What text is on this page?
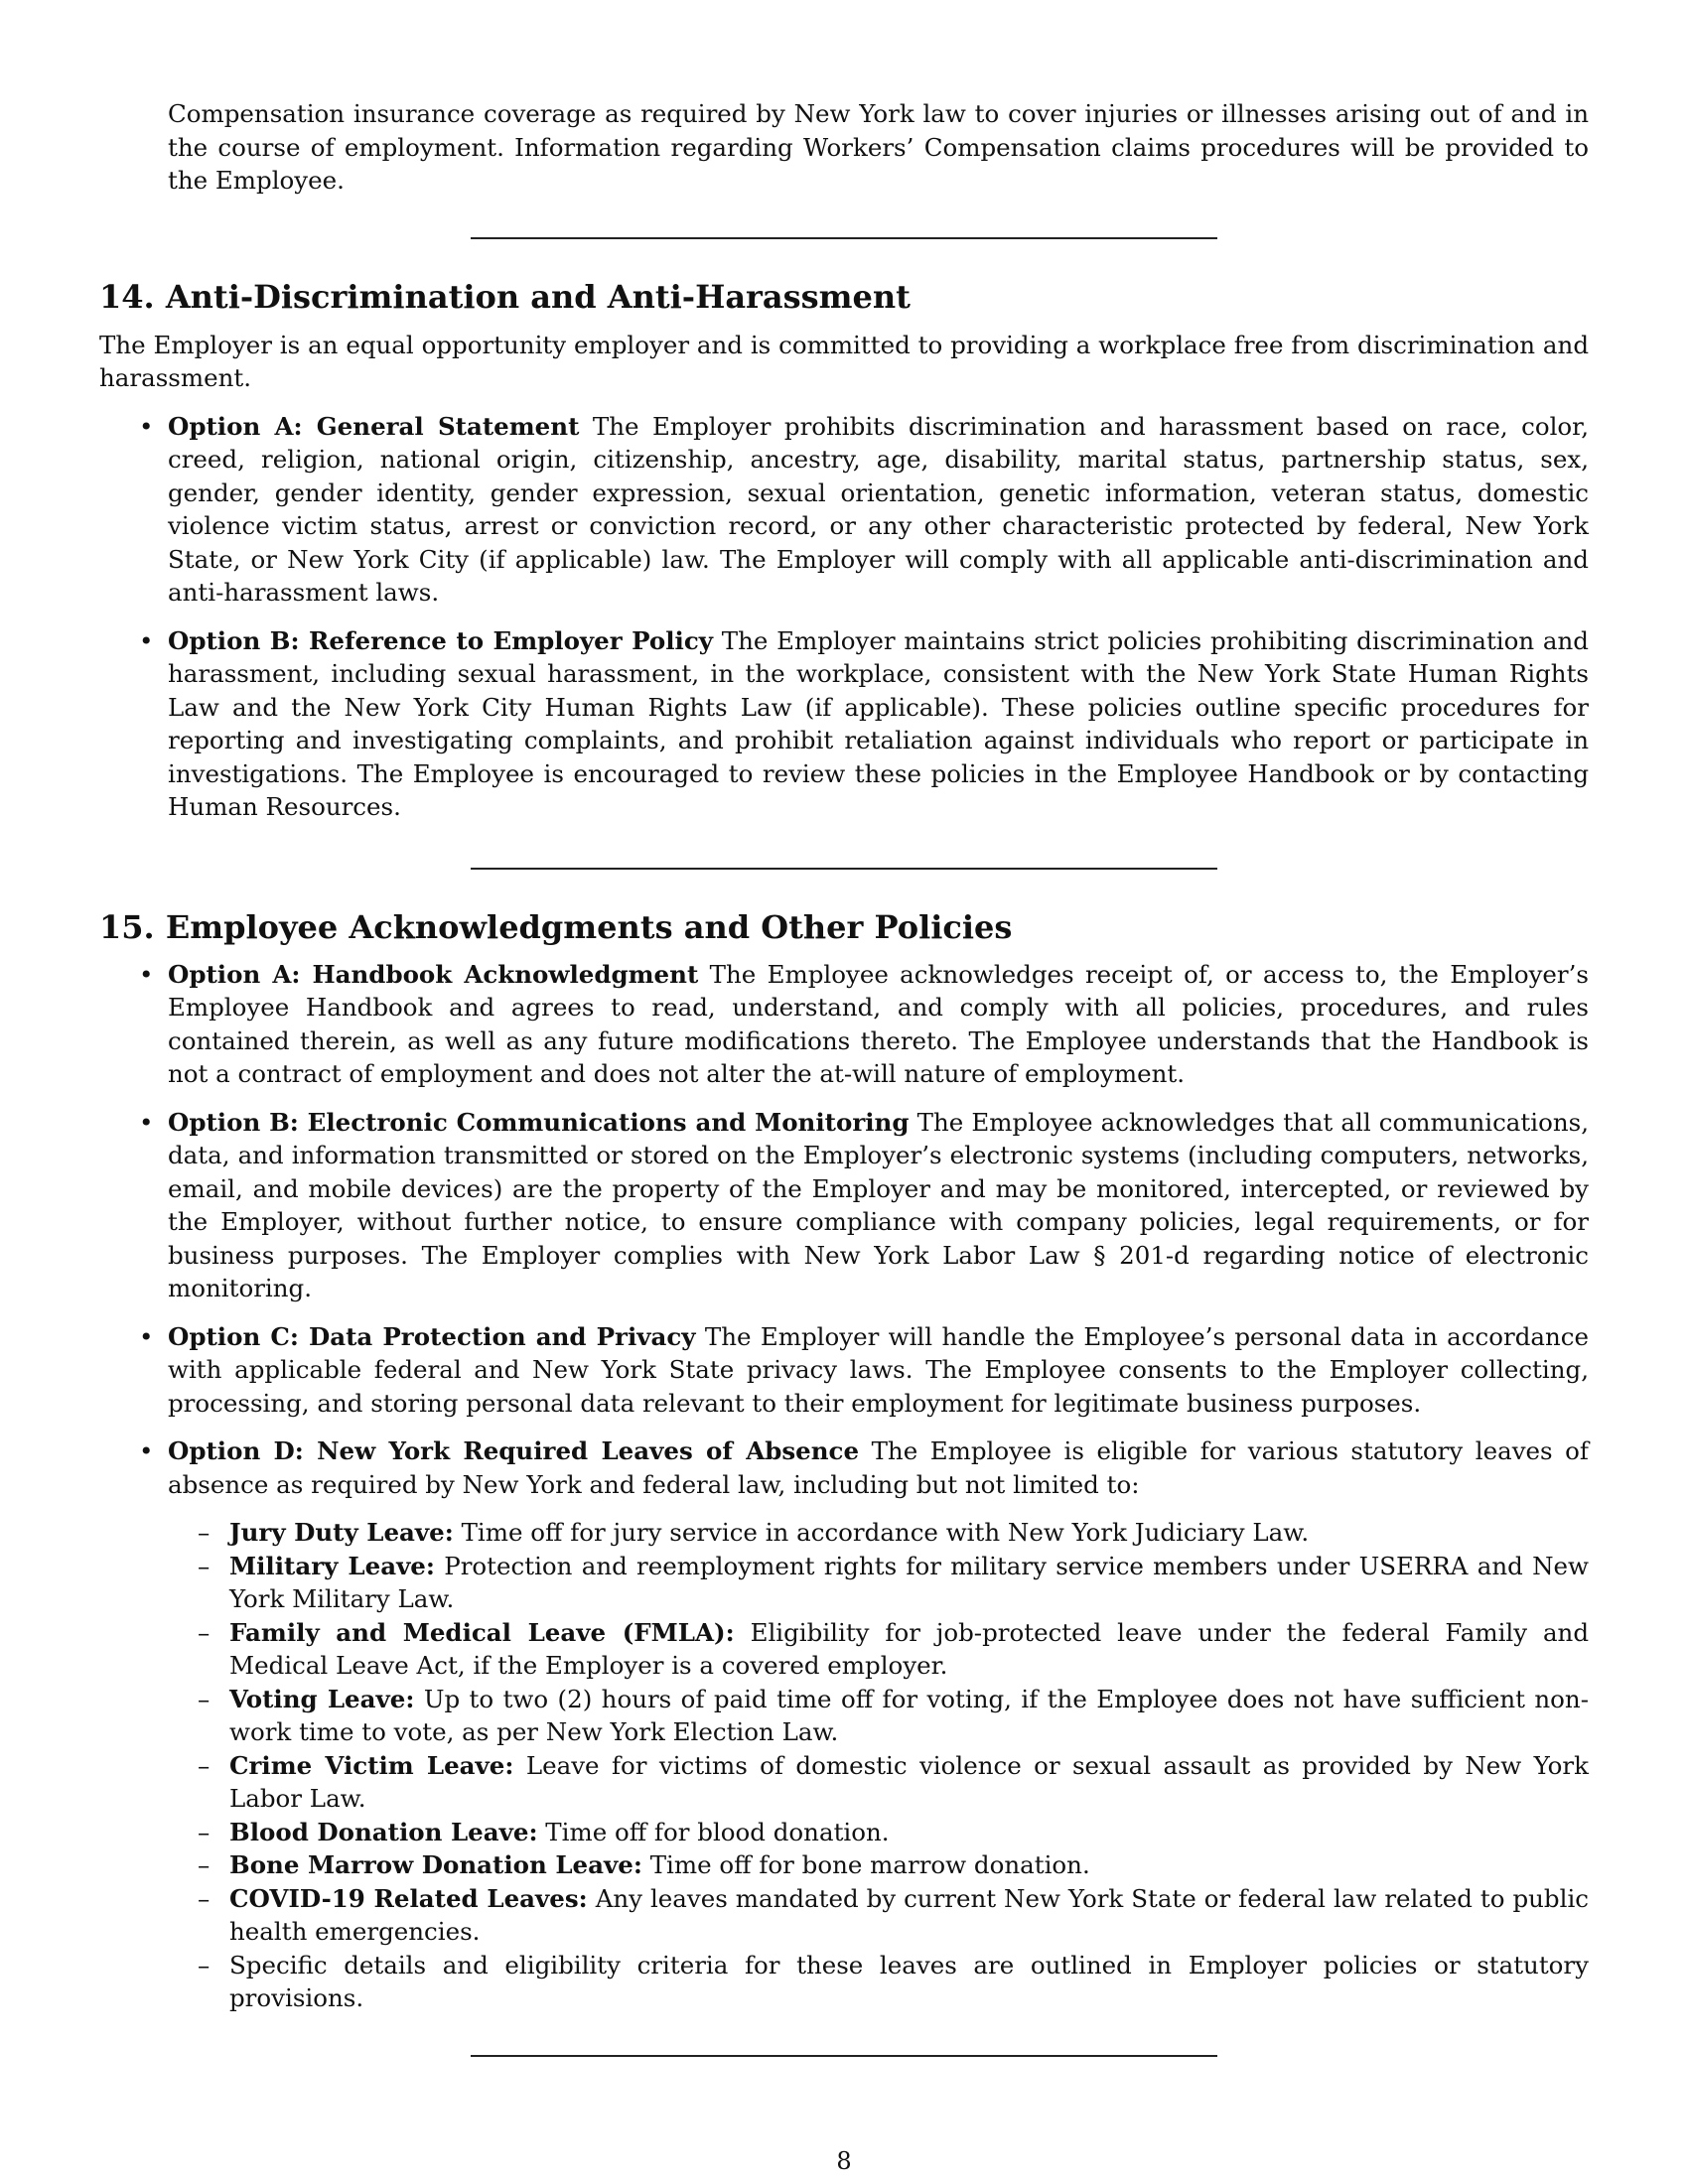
Compensation insurance coverage as required by New York law to cover injuries or illnesses arising out of and in the course of employment. Information regarding Workers’ Compensation claims procedures will be provided to the Employee.

14. Anti-Discrimination and Anti-Harassment

The Employer is an equal opportunity employer and is committed to providing a workplace free from discrimination and harassment.

• Option A: General Statement The Employer prohibits discrimination and harassment based on race, color, creed, religion, national origin, citizenship, ancestry, age, disability, marital status, partnership status, sex, gender, gender identity, gender expression, sexual orientation, genetic information, veteran status, domestic violence victim status, arrest or conviction record, or any other characteristic protected by federal, New York State, or New York City (if applicable) law. The Employer will comply with all applicable anti-discrimination and anti-harassment laws.
• Option B: Reference to Employer Policy The Employer maintains strict policies prohibiting discrimination and harassment, including sexual harassment, in the workplace, consistent with the New York State Human Rights Law and the New York City Human Rights Law (if applicable). These policies outline specific procedures for reporting and investigating complaints, and prohibit retaliation against individuals who report or participate in investigations. The Employee is encouraged to review these policies in the Employee Handbook or by contacting Human Resources.
15. Employee Acknowledgments and Other Policies
• Option A: Handbook Acknowledgment The Employee acknowledges receipt of, or access to, the Employer’s Employee Handbook and agrees to read, understand, and comply with all policies, procedures, and rules contained therein, as well as any future modifications thereto. The Employee understands that the Handbook is not a contract of employment and does not alter the at-will nature of employment.
• Option B: Electronic Communications and Monitoring The Employee acknowledges that all communications, data, and information transmitted or stored on the Employer’s electronic systems (including computers, networks, email, and mobile devices) are the property of the Employer and may be monitored, intercepted, or reviewed by the Employer, without further notice, to ensure compliance with company policies, legal requirements, or for business purposes. The Employer complies with New York Labor Law § 201-d regarding notice of electronic monitoring.
• Option C: Data Protection and Privacy The Employer will handle the Employee’s personal data in accordance with applicable federal and New York State privacy laws. The Employee consents to the Employer collecting, processing, and storing personal data relevant to their employment for legitimate business purposes.
• Option D: New York Required Leaves of Absence The Employee is eligible for various statutory leaves of absence as required by New York and federal law, including but not limited to:
– Jury Duty Leave: Time off for jury service in accordance with New York Judiciary Law.
– Military Leave: Protection and reemployment rights for military service members under USERRA and New York Military Law.
– Family and Medical Leave (FMLA): Eligibility for job-protected leave under the federal Family and Medical Leave Act, if the Employer is a covered employer.
– Voting Leave: Up to two (2) hours of paid time off for voting, if the Employee does not have sufficient non-work time to vote, as per New York Election Law.
– Crime Victim Leave: Leave for victims of domestic violence or sexual assault as provided by New York Labor Law.
– Blood Donation Leave: Time off for blood donation.
– Bone Marrow Donation Leave: Time off for bone marrow donation.
– COVID-19 Related Leaves: Any leaves mandated by current New York State or federal law related to public health emergencies.
– Specific details and eligibility criteria for these leaves are outlined in Employer policies or statutory provisions.
8
